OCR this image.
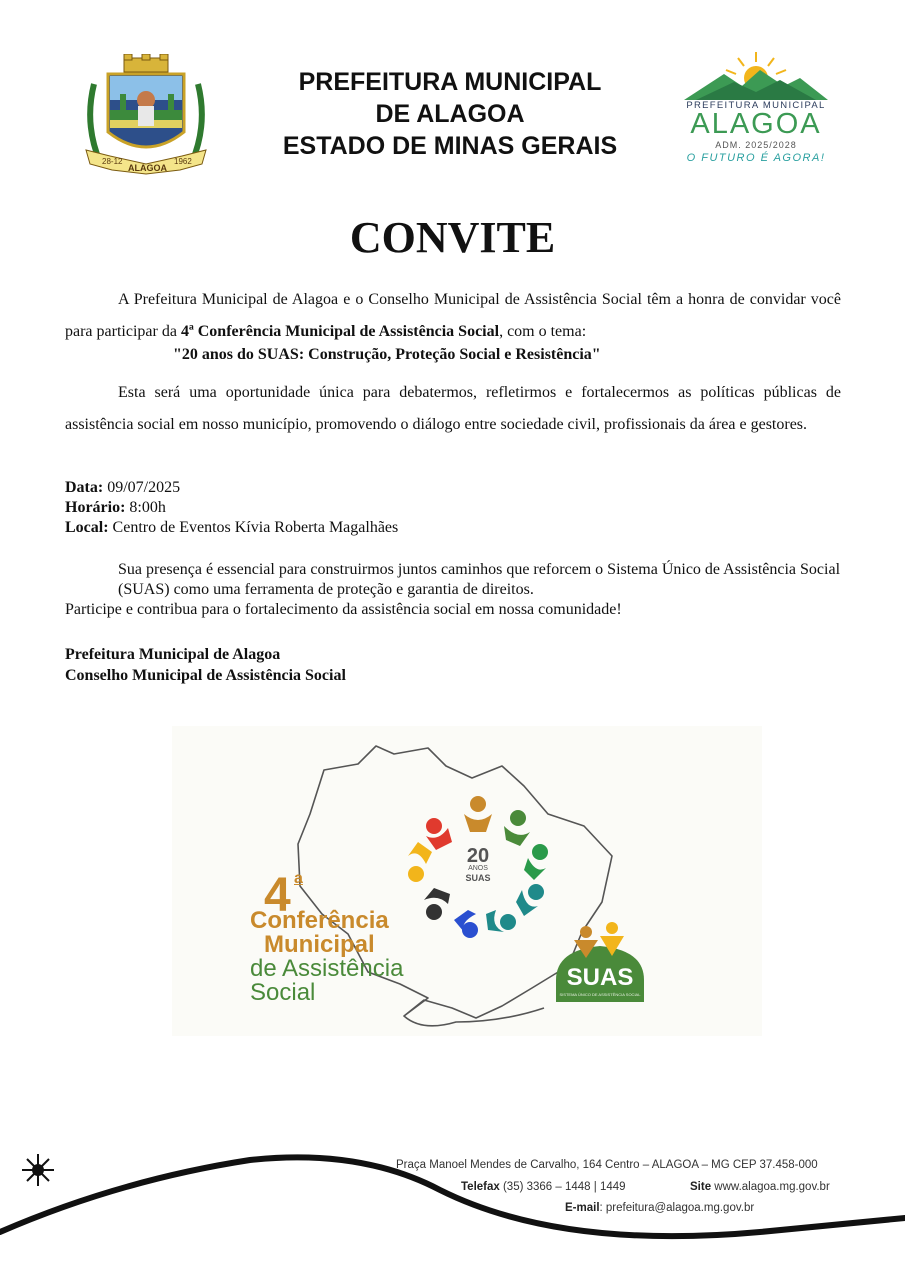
28-12
ALAGOA
1962
PREFEITURA MUNICIPAL
DE ALAGOA
ESTADO DE MINAS GERAIS
PREFEITURA MUNICIPAL
ALAGOA
ADM. 2025/2028
O FUTURO É AGORA!
CONVITE
A Prefeitura Municipal de Alagoa e o Conselho Municipal de Assistência Social têm a honra de convidar você para participar da 4ª Conferência Municipal de Assistência Social, com o tema:
"20 anos do SUAS: Construção, Proteção Social e Resistência"
Esta será uma oportunidade única para debatermos, refletirmos e fortalecermos as políticas públicas de assistência social em nosso município, promovendo o diálogo entre sociedade civil, profissionais da área e gestores.
Data: 09/07/2025
Horário: 8:00h
Local: Centro de Eventos Kívia Roberta Magalhães
Sua presença é essencial para construirmos juntos caminhos que reforcem o Sistema Único de Assistência Social (SUAS) como uma ferramenta de proteção e garantia de direitos.
Participe e contribua para o fortalecimento da assistência social em nossa comunidade!
Prefeitura Municipal de Alagoa
Conselho Municipal de Assistência Social
4 a
Conferência
Municipal
de Assistência
Social
20
ANOS
SUAS
SUAS
SISTEMA ÚNICO DE ASSISTÊNCIA SOCIAL
Praça Manoel Mendes de Carvalho, 164 Centro – ALAGOA – MG CEP 37.458-000
Telefax (35) 3366 – 1448 | 1449	Site www.alagoa.mg.gov.br
E-mail: prefeitura@alagoa.mg.gov.br
